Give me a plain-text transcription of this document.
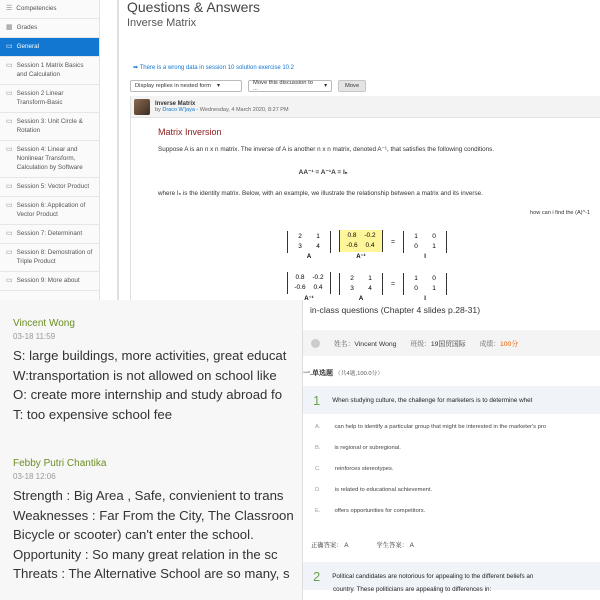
☰ Competencies
▦ Grades
▭ General
▭ Session 1 Matrix Basics and Calculation
▭ Session 2 Linear Transform-Basic
▭ Session 3: Unit Circle & Rotation
▭ Session 4: Linear and Nonlinear Transform, Calculation by Software
▭ Session 5: Vector Product
▭ Session 6: Application of Vector Product
▭ Session 7: Determinant
▭ Session 8: Demostration of Triple Product
▭ Session 9: More about
Questions & Answers
Inverse Matrix
➡ There is a wrong data in session 10 solution exercise 10.2
Display replies in nested form ▾	Move this discussion to ...	▾	Move
Inverse Matrix
by Draco W'jaya - Wednesday, 4 March 2020, 8:27 PM
Matrix Inversion
Suppose A is an n x n matrix. The inverse of A is another n x n matrix, denoted A⁻¹, that satisfies the following conditions.
AA⁻¹ = A⁻¹A = Iₙ
where Iₙ is the identity matrix. Below, with an example, we illustrate the relationship between a matrix and its inverse.
how can i find the (A)^-1
2	1
3	4
A
0.8	-0.2
-0.6	0.4
A⁻¹
=
1	0
0	1
I
0.8	-0.2
-0.6	0.4
A⁻¹
2	1
3	4
A
=
1	0
0	1
I
Vincent Wong
03-18 11:59
S: large buildings, more activities, great educat
W:transportation is not allowed on school like
O: create more internship and study abroad fo
T: too expensive school fee
Febby Putri Chantika
03-18 12:06
Strength : Big Area , Safe, convienient to trans
Weaknesses : Far From the City, The Classroon
Bicycle or scooter) can't enter the school.
Opportunity : So many great relation in the sc
Threats : The Alternative School are so many, s
in-class questions (Chapter 4 slides p.28-31)
姓名：Vincent Wong 班级：19国贸国际 成绩：100分
一.单选题 （共4题,100.0分）
1 When studying culture, the challenge for marketers is to determine whet
A. can help to identify a particular group that might be interested in the marketer's pro
B. is regional or subregional.
C. reinforces stereotypes.
D. is related to educational achievement.
E. offers opportunities for competitors.
正确答案： A	学生答案： A
2 Political candidates are notorious for appealing to the different beliefs an
country. These politicians are appealing to differences in:
